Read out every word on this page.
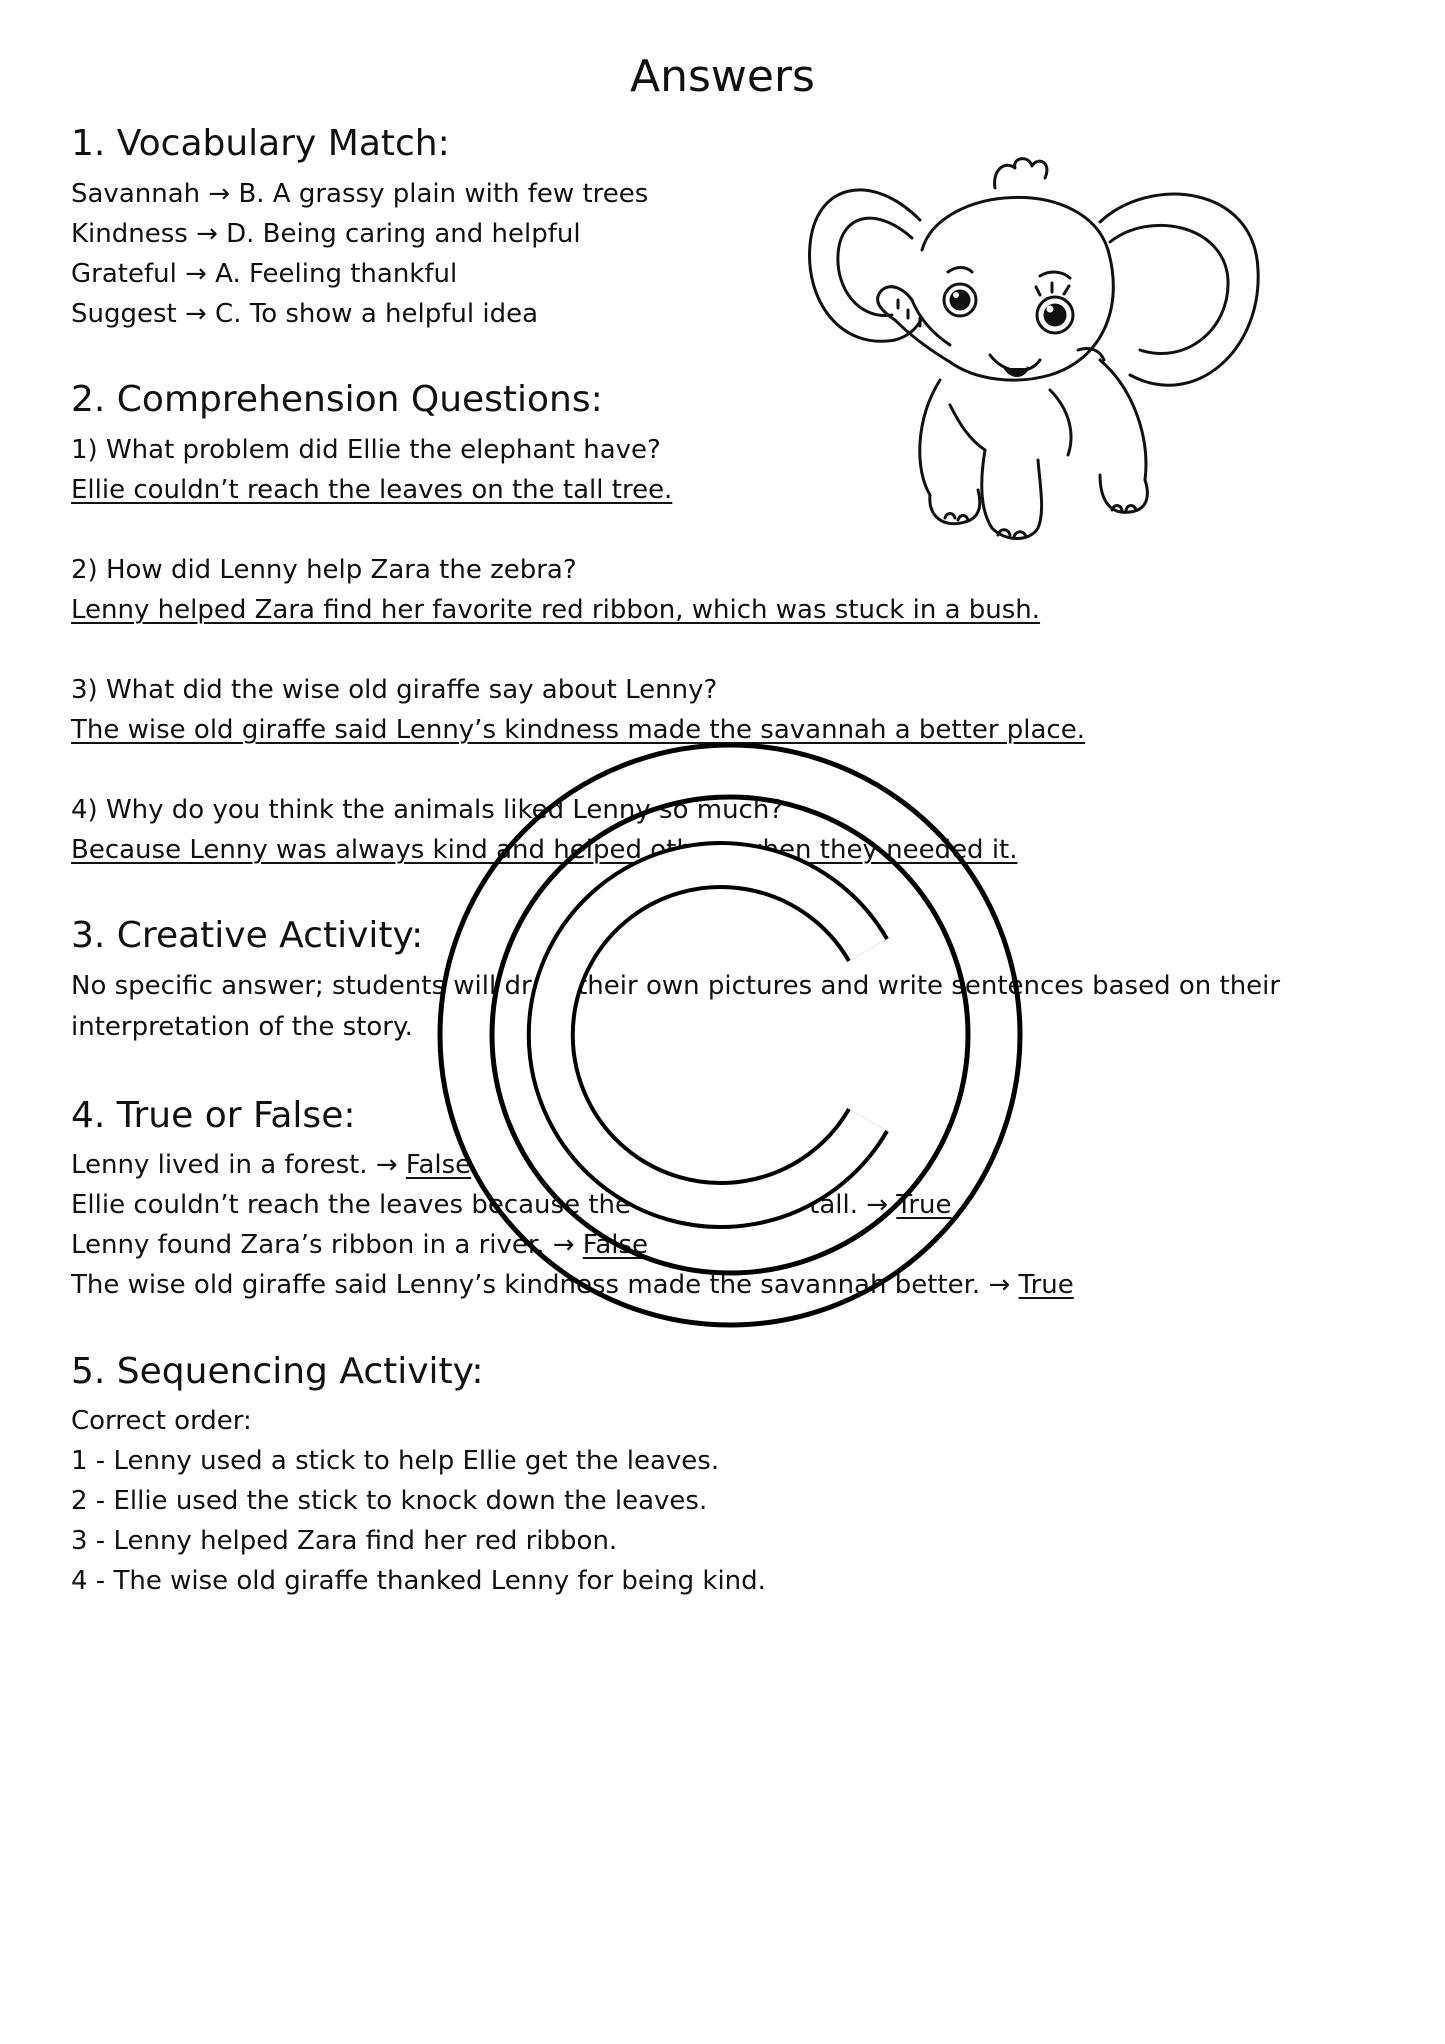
Answers
1. Vocabulary Match:
Savannah → B. A grassy plain with few trees
Kindness → D. Being caring and helpful
Grateful → A. Feeling thankful
Suggest → C. To show a helpful idea
2. Comprehension Questions:
1) What problem did Ellie the elephant have?
Ellie couldn’t reach the leaves on the tall tree.
2) How did Lenny help Zara the zebra?
Lenny helped Zara find her favorite red ribbon, which was stuck in a bush.
3) What did the wise old giraffe say about Lenny?
The wise old giraffe said Lenny’s kindness made the savannah a better place.
4) Why do you think the animals liked Lenny so much?
Because Lenny was always kind and helped others when they needed it.
3. Creative Activity:
No specific answer; students will draw their own pictures and write sentences based on their interpretation of the story.
4. True or False:
Lenny lived in a forest. → False
Ellie couldn’t reach the leaves because the tree was too tall. → True
Lenny found Zara’s ribbon in a river. → False
The wise old giraffe said Lenny’s kindness made the savannah better. → True
5. Sequencing Activity:
Correct order:
1 - Lenny used a stick to help Ellie get the leaves.
2 - Ellie used the stick to knock down the leaves.
3 - Lenny helped Zara find her red ribbon.
4 - The wise old giraffe thanked Lenny for being kind.
